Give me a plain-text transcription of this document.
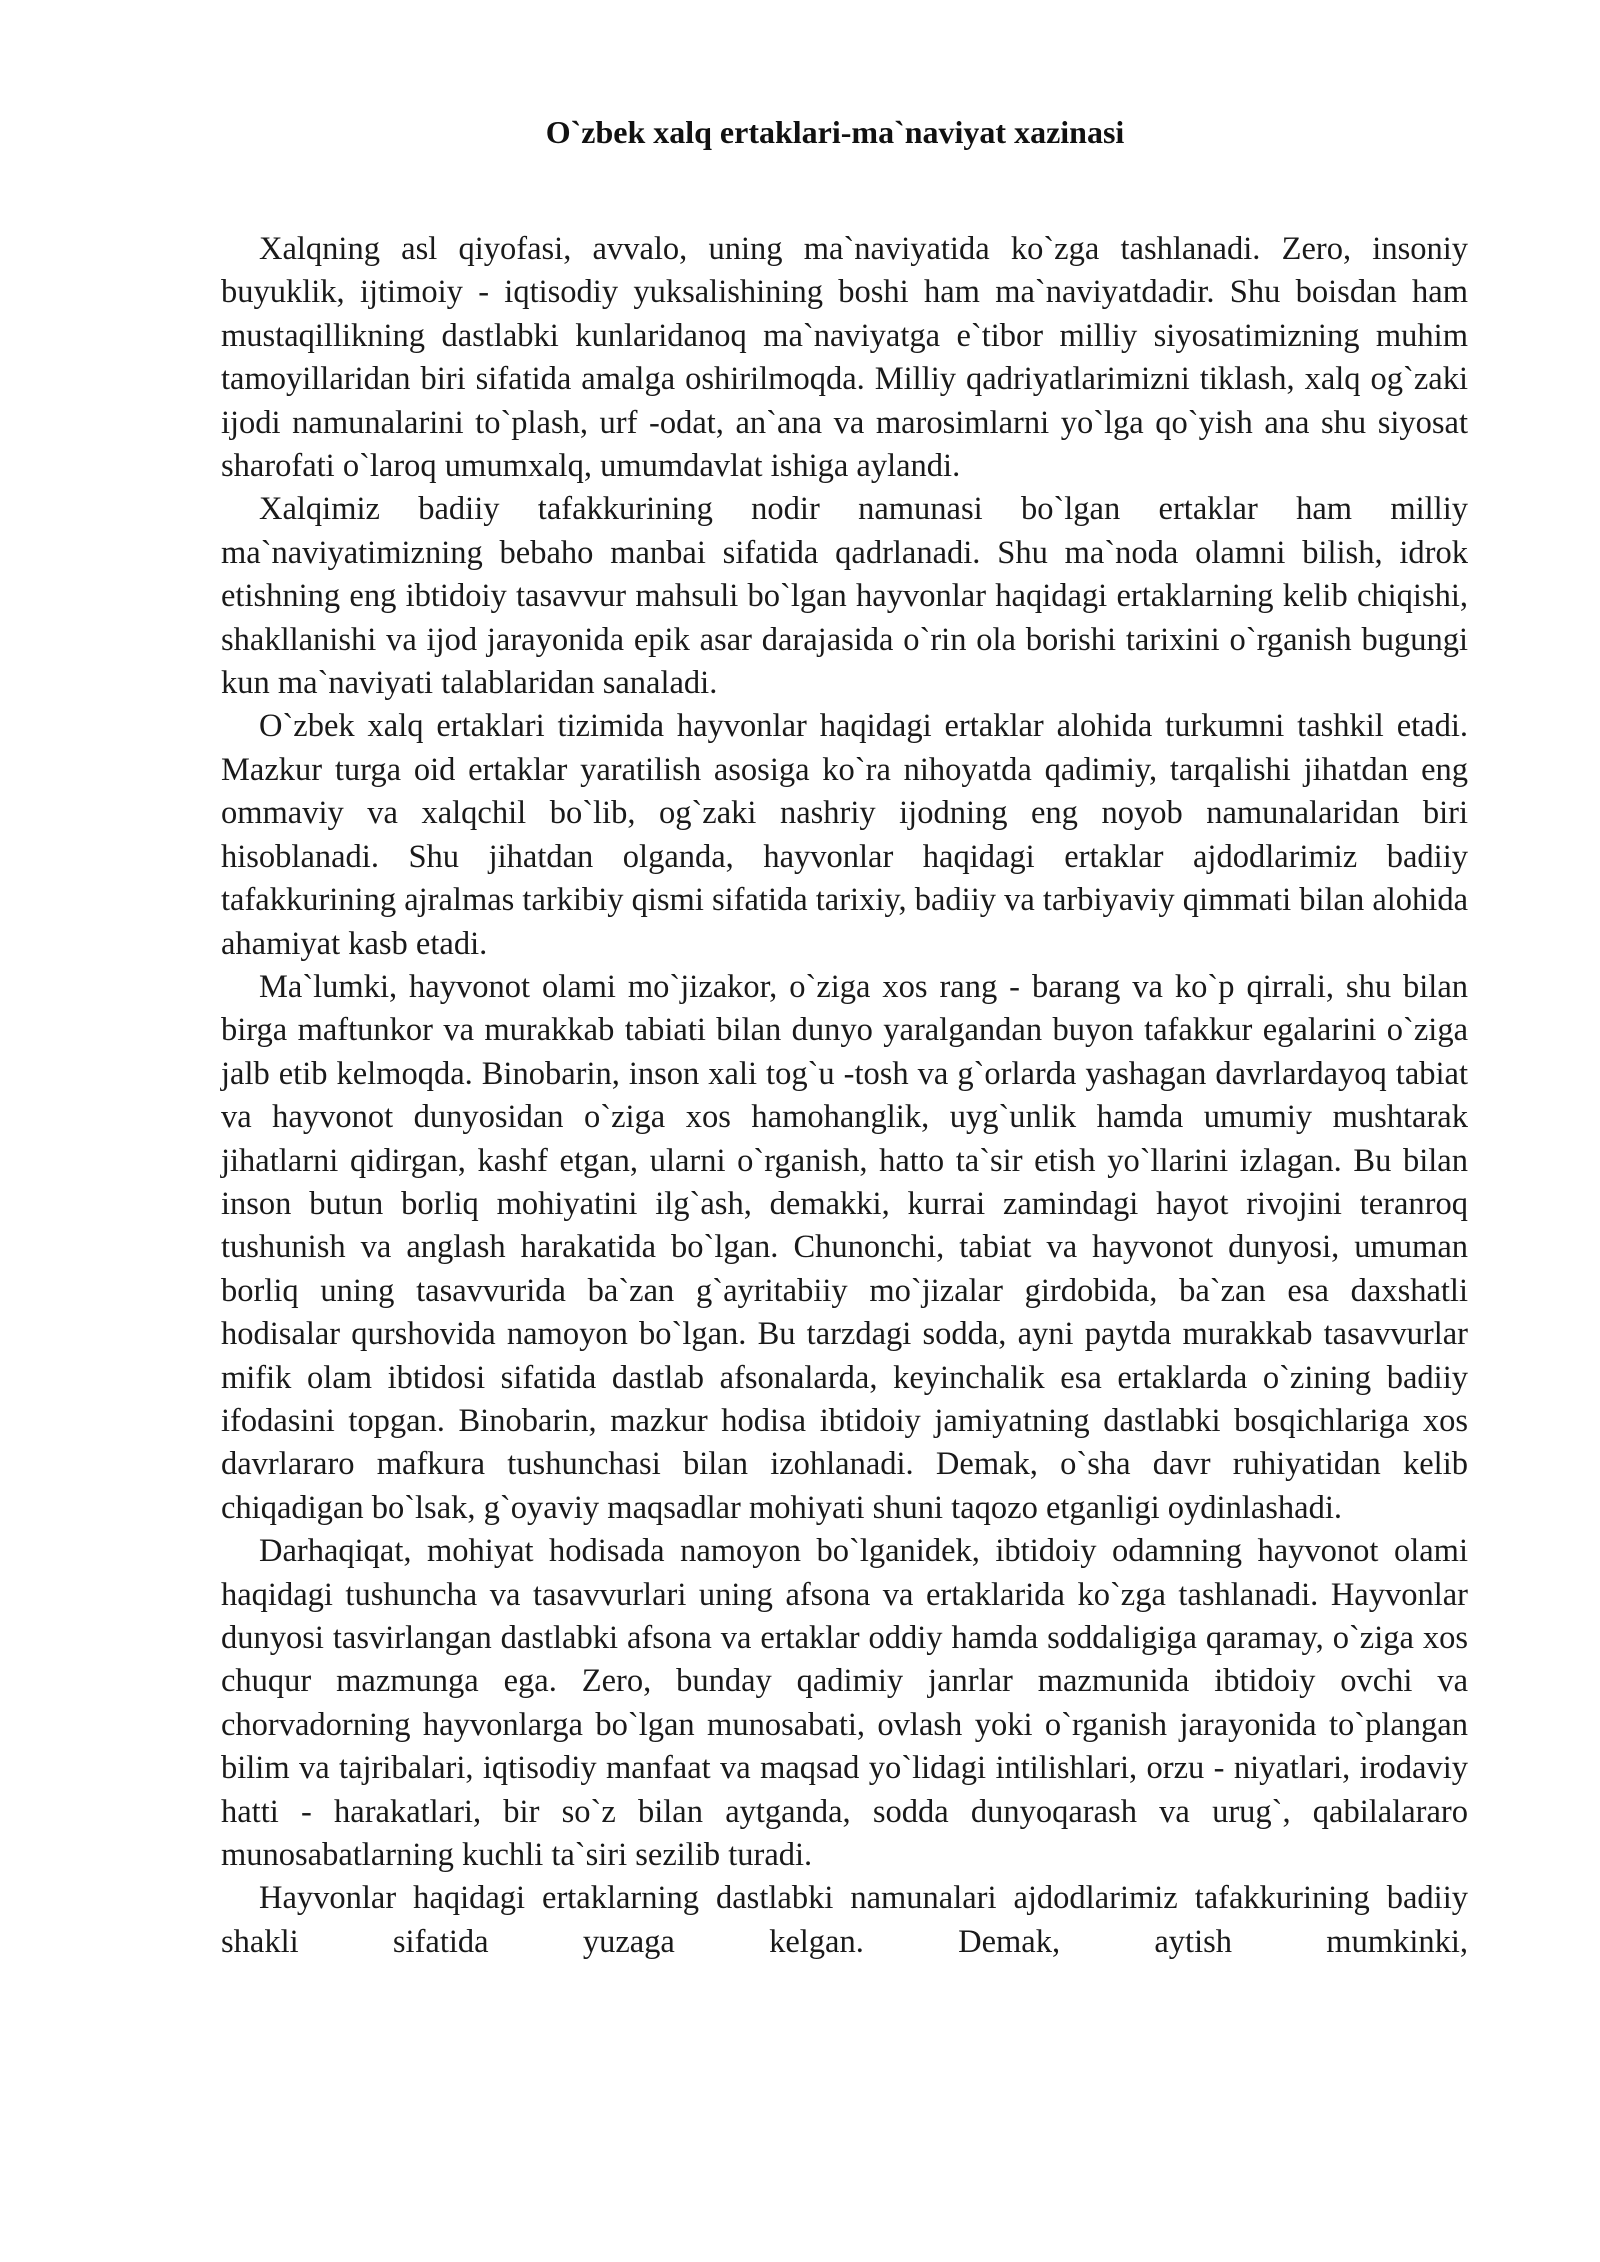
O`zbek xalq ertaklari-ma`naviyat xazinasi

Xalqning asl qiyofasi, avvalo, uning ma`naviyatida ko`zga tashlanadi. Zero, insoniy buyuklik, ijtimoiy - iqtisodiy yuksalishining boshi ham ma`naviyatdadir. Shu boisdan ham mustaqillikning dastlabki kunlaridanoq ma`naviyatga e`tibor milliy siyosatimizning muhim tamoyillaridan biri sifatida amalga oshirilmoqda. Milliy qadriyatlarimizni tiklash, xalq og`zaki ijodi namunalarini to`plash, urf -odat, an`ana va marosimlarni yo`lga qo`yish ana shu siyosat sharofati o`laroq umumxalq, umumdavlat ishiga aylandi.

Xalqimiz badiiy tafakkurining nodir namunasi bo`lgan ertaklar ham milliy ma`naviyatimizning bebaho manbai sifatida qadrlanadi. Shu ma`noda olamni bilish, idrok etishning eng ibtidoiy tasavvur mahsuli bo`lgan hayvonlar haqidagi ertaklarning kelib chiqishi, shakllanishi va ijod jarayonida epik asar darajasida o`rin ola borishi tarixini o`rganish bugungi kun ma`naviyati talablaridan sanaladi.

O`zbek xalq ertaklari tizimida hayvonlar haqidagi ertaklar alohida turkumni tashkil etadi. Mazkur turga oid ertaklar yaratilish asosiga ko`ra nihoyatda qadimiy, tarqalishi jihatdan eng ommaviy va xalqchil bo`lib, og`zaki nashriy ijodning eng noyob namunalaridan biri hisoblanadi. Shu jihatdan olganda, hayvonlar haqidagi ertaklar ajdodlarimiz badiiy tafakkurining ajralmas tarkibiy qismi sifatida tarixiy, badiiy va tarbiyaviy qimmati bilan alohida ahamiyat kasb etadi.

Ma`lumki, hayvonot olami mo`jizakor, o`ziga xos rang - barang va ko`p qirrali, shu bilan birga maftunkor va murakkab tabiati bilan dunyo yaralgandan buyon tafakkur egalarini o`ziga jalb etib kelmoqda. Binobarin, inson xali tog`u -tosh va g`orlarda yashagan davrlardayoq tabiat va hayvonot dunyosidan o`ziga xos hamohanglik, uyg`unlik hamda umumiy mushtarak jihatlarni qidirgan, kashf etgan, ularni o`rganish, hatto ta`sir etish yo`llarini izlagan. Bu bilan inson butun borliq mohiyatini ilg`ash, demakki, kurrai zamindagi hayot rivojini teranroq tushunish va anglash harakatida bo`lgan. Chunonchi, tabiat va hayvonot dunyosi, umuman borliq uning tasavvurida ba`zan g`ayritabiiy mo`jizalar girdobida, ba`zan esa daxshatli hodisalar qurshovida namoyon bo`lgan. Bu tarzdagi sodda, ayni paytda murakkab tasavvurlar mifik olam ibtidosi sifatida dastlab afsonalarda, keyinchalik esa ertaklarda o`zining badiiy ifodasini topgan. Binobarin, mazkur hodisa ibtidoiy jamiyatning dastlabki bosqichlariga xos davrlararo mafkura tushunchasi bilan izohlanadi. Demak, o`sha davr ruhiyatidan kelib chiqadigan bo`lsak, g`oyaviy maqsadlar mohiyati shuni taqozo etganligi oydinlashadi.

Darhaqiqat, mohiyat hodisada namoyon bo`lganidek, ibtidoiy odamning hayvonot olami haqidagi tushuncha va tasavvurlari uning afsona va ertaklarida ko`zga tashlanadi. Hayvonlar dunyosi tasvirlangan dastlabki afsona va ertaklar oddiy hamda soddaligiga qaramay, o`ziga xos chuqur mazmunga ega. Zero, bunday qadimiy janrlar mazmunida ibtidoiy ovchi va chorvadorning hayvonlarga bo`lgan munosabati, ovlash yoki o`rganish jarayonida to`plangan bilim va tajribalari, iqtisodiy manfaat va maqsad yo`lidagi intilishlari, orzu - niyatlari, irodaviy hatti - harakatlari, bir so`z bilan aytganda, sodda dunyoqarash va urug`, qabilalararo munosabatlarning kuchli ta`siri sezilib turadi.

Hayvonlar haqidagi ertaklarning dastlabki namunalari ajdodlarimiz tafakkurining badiiy shakli sifatida yuzaga kelgan. Demak, aytish mumkinki,
